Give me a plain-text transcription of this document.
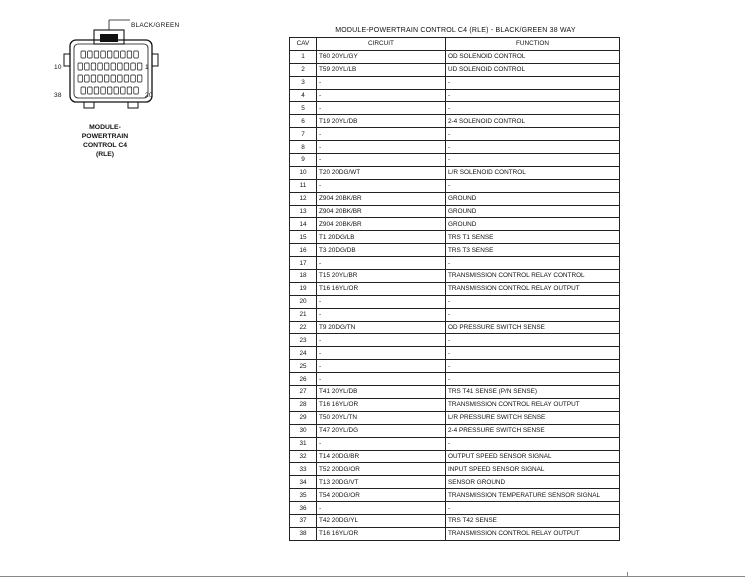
BLACK/GREEN
10	1
38	20
MODULE-
POWERTRAIN
CONTROL C4
(RLE)
MODULE-POWERTRAIN CONTROL C4 (RLE) - BLACK/GREEN 38 WAY
CAV	CIRCUIT	FUNCTION
1	T60 20YL/GY	OD SOLENOID CONTROL
2	T59 20YL/LB	UD SOLENOID CONTROL
3	-	-
4	-	-
5	-	-
6	T19 20YL/DB	2-4 SOLENOID CONTROL
7	-	-
8	-	-
9	-	-
10	T20 20DG/WT	L/R SOLENOID CONTROL
11	-	-
12	Z904 20BK/BR	GROUND
13	Z904 20BK/BR	GROUND
14	Z904 20BK/BR	GROUND
15	T1 20DG/LB	TRS T1 SENSE
16	T3 20DG/DB	TRS T3 SENSE
17	-	-
18	T15 20YL/BR	TRANSMISSION CONTROL RELAY CONTROL
19	T16 16YL/OR	TRANSMISSION CONTROL RELAY OUTPUT
20	-	-
21	-	-
22	T9 20DG/TN	OD PRESSURE SWITCH SENSE
23	-	-
24	-	-
25	-	-
26	-	-
27	T41 20YL/DB	TRS T41 SENSE (P/N SENSE)
28	T16 16YL/OR	TRANSMISSION CONTROL RELAY OUTPUT
29	T50 20YL/TN	L/R PRESSURE SWITCH SENSE
30	T47 20YL/DG	2-4 PRESSURE SWITCH SENSE
31	-	-
32	T14 20DG/BR	OUTPUT SPEED SENSOR SIGNAL
33	T52 20DG/OR	INPUT SPEED SENSOR SIGNAL
34	T13 20DG/VT	SENSOR GROUND
35	T54 20DG/OR	TRANSMISSION TEMPERATURE SENSOR SIGNAL
36	-	-
37	T42 20DG/YL	TRS T42 SENSE
38	T16 16YL/OR	TRANSMISSION CONTROL RELAY OUTPUT
